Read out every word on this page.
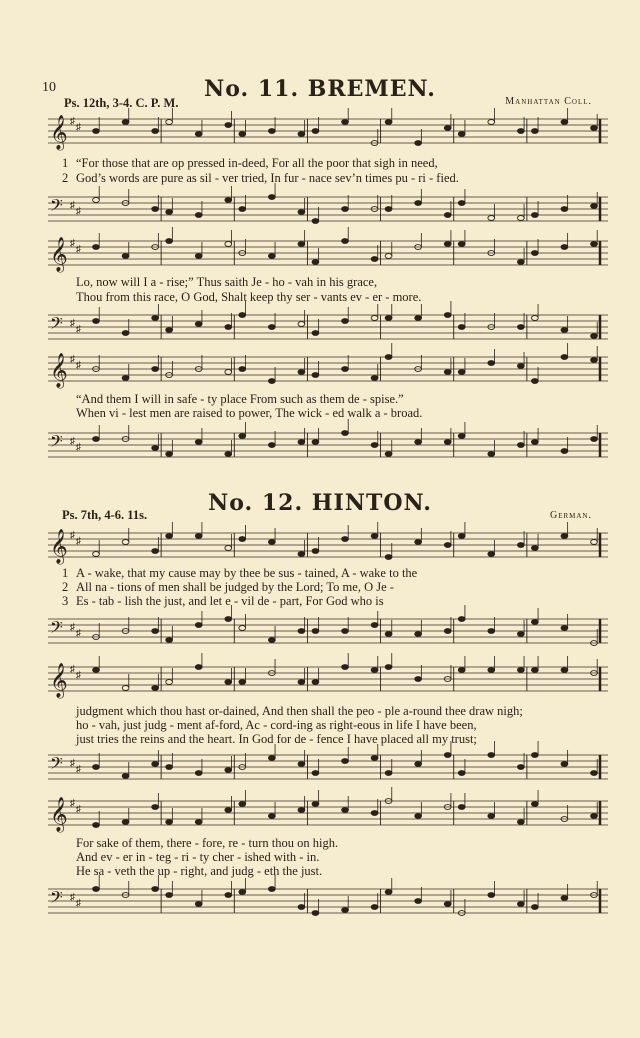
10	No. 11. BREMEN.
Ps. 12th, 3-4. C. P. M.	Manhattan Coll.
𝄞 ♯
♯
1 “For those that are op pressed in-deed, For all the poor that sigh in need,
2 God’s words are pure as sil - ver tried, In fur - nace sev’n times pu - ri - fied.
𝄢 ♯
♯
𝄞 ♯
♯
Lo, now will I a - rise;” Thus saith Je - ho - vah in his grace,
Thou from this race, O God, Shalt keep thy ser - vants ev - er - more.
𝄢 ♯
♯
𝄞 ♯
♯
“And them I will in safe - ty place From such as them de - spise.”
When vi - lest men are raised to power, The wick - ed walk a - broad.
𝄢 ♯
♯
No. 12. HINTON.
Ps. 7th, 4-6. 11s.	German.
𝄞 ♯
♯
1 A - wake, that my cause may by thee be sus - tained, A - wake to the
2 All na - tions of men shall be judged by the Lord; To me, O Je -
3 Es - tab - lish the just, and let e - vil de - part, For God who is
𝄢 ♯
♯
𝄞 ♯
♯
judgment which thou hast or-dained, And then shall the peo - ple a-round thee draw nigh;
ho - vah, just judg - ment af-ford, Ac - cord-ing as right-eous in life I have been,
just tries the reins and the heart. In God for de - fence I have placed all my trust;
𝄢 ♯
♯
𝄞 ♯
♯
For sake of them, there - fore, re - turn thou on high.
And ev - er in - teg - ri - ty cher - ished with - in.
He sa - veth the up - right, and judg - eth the just.
𝄢 ♯
♯
